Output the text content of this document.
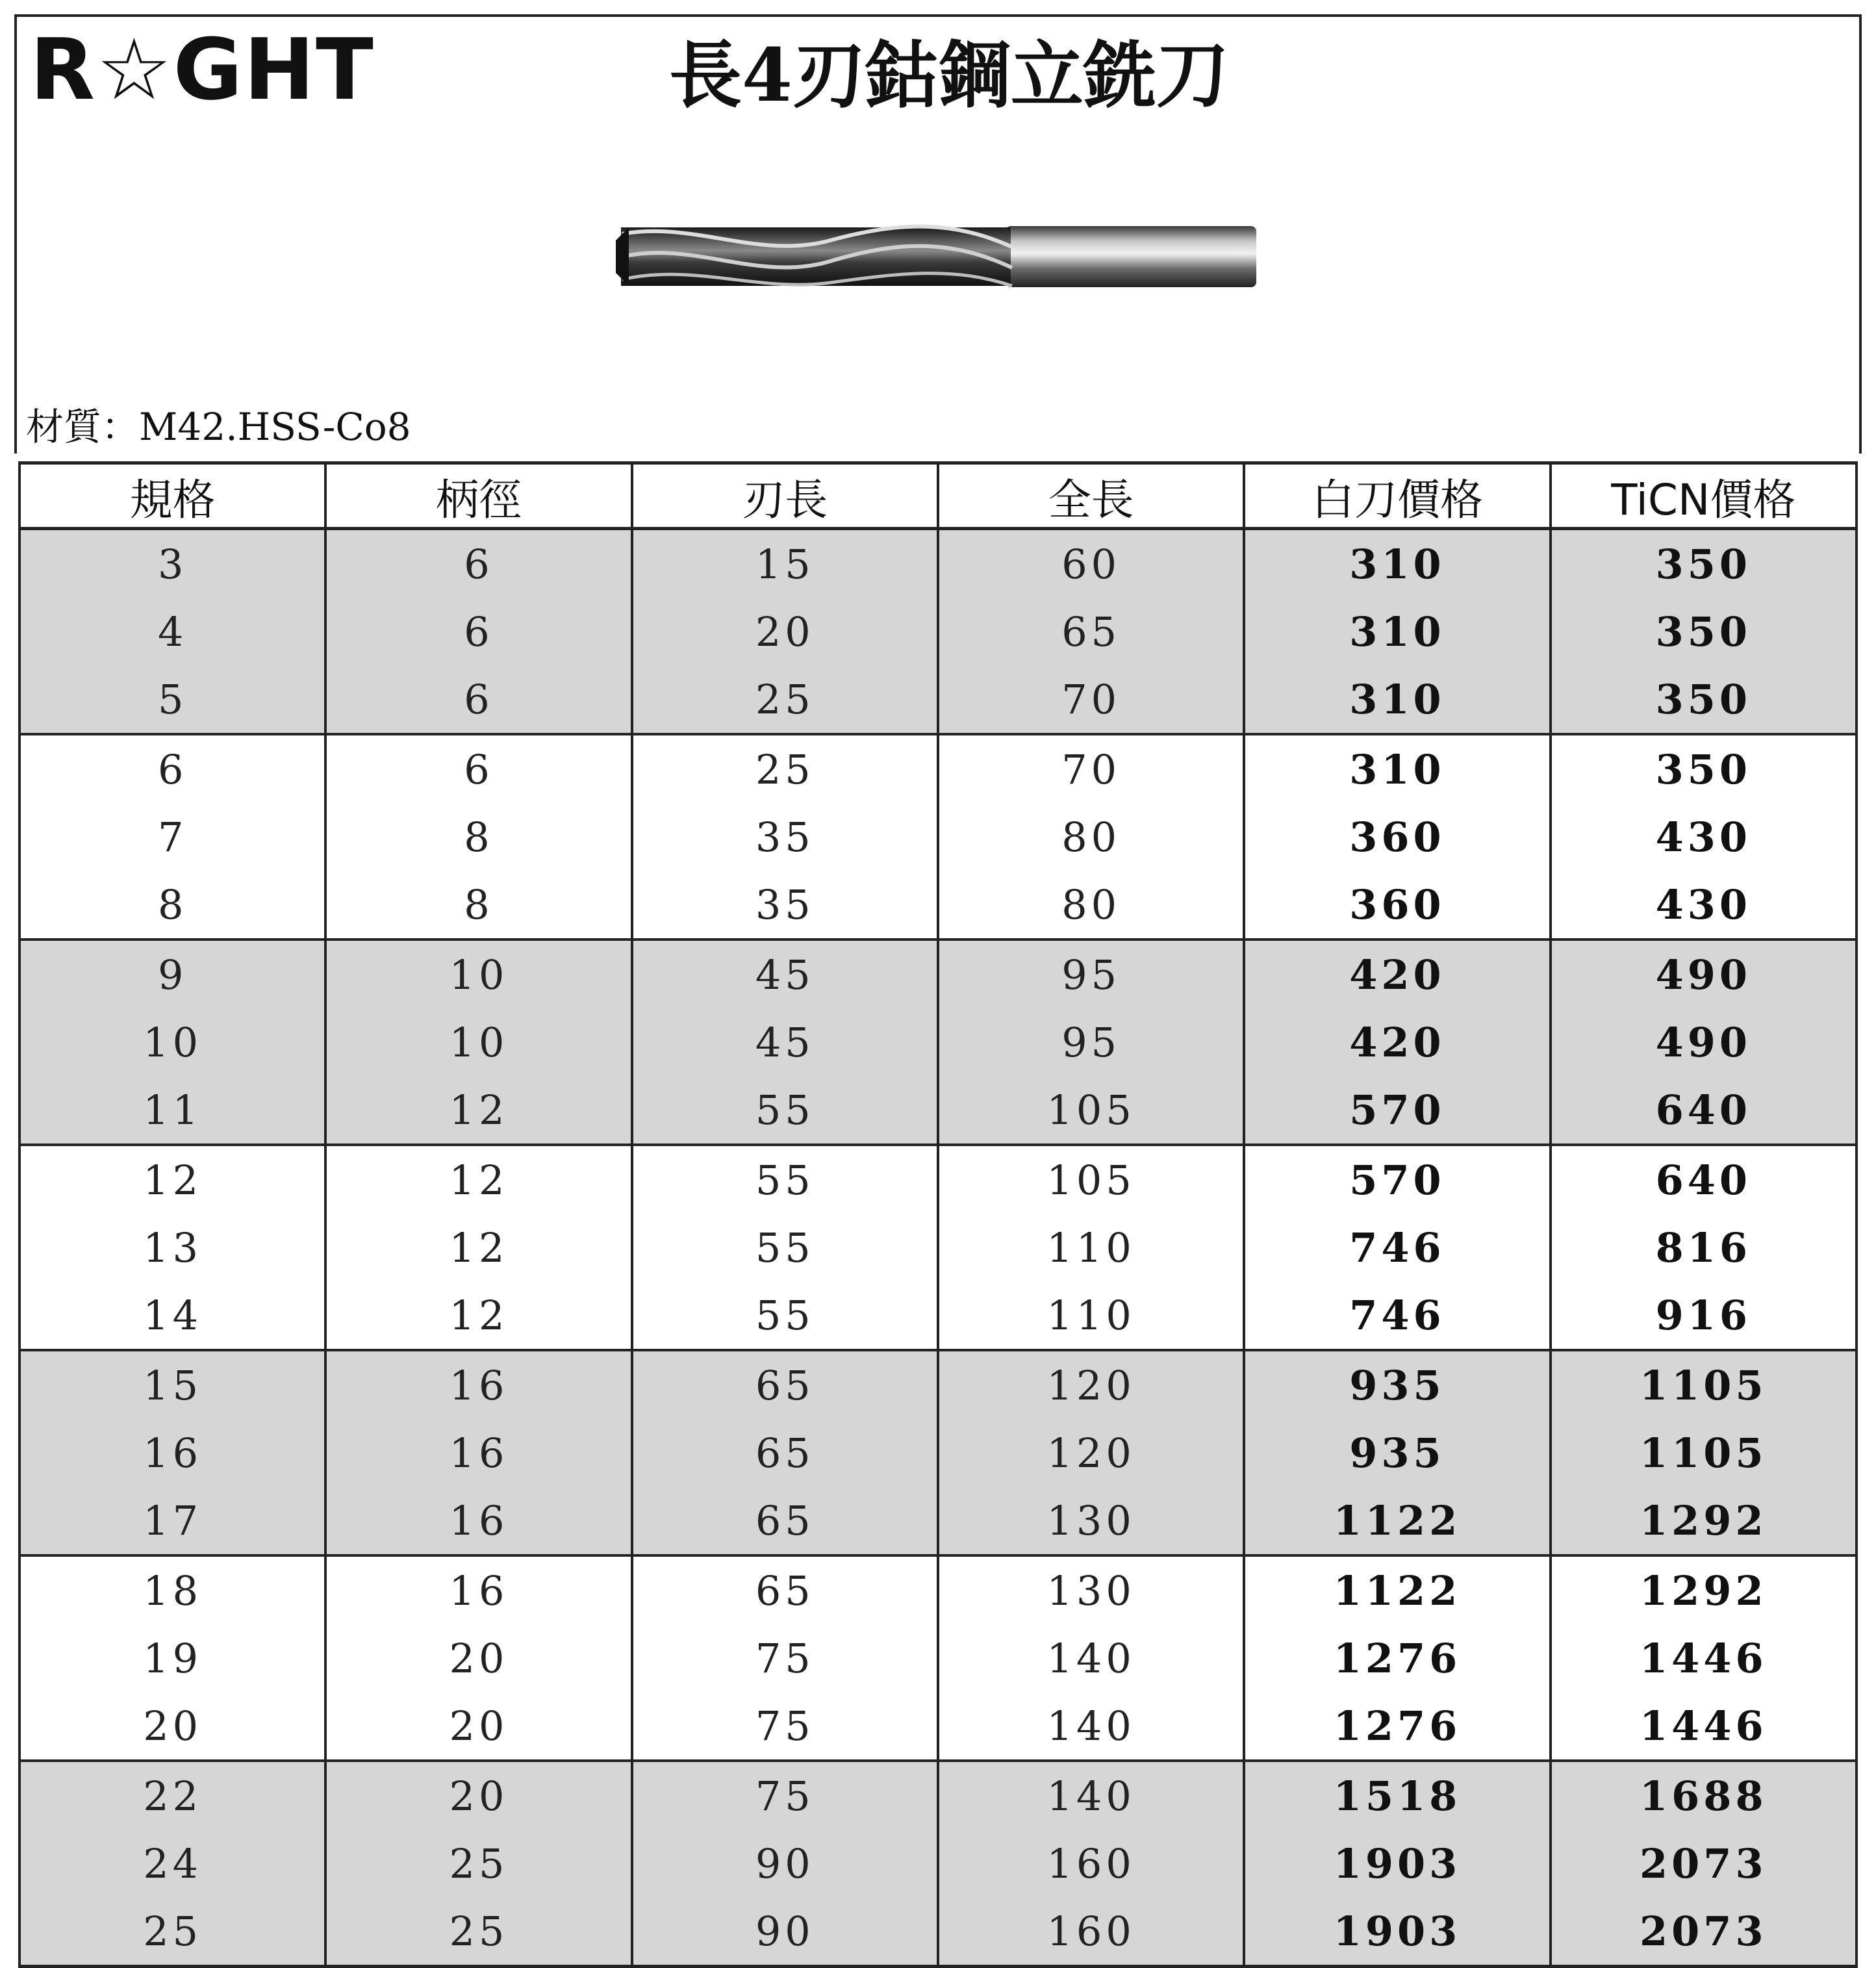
R☆GHT	長4刃鈷鋼立銑刀
材質：M42.HSS-Co8
規格	柄徑	刃長	全長	白刀價格	TiCN價格
3	6	15	60	310	350
4	6	20	65	310	350
5	6	25	70	310	350
6	6	25	70	310	350
7	8	35	80	360	430
8	8	35	80	360	430
9	10	45	95	420	490
10	10	45	95	420	490
11	12	55	105	570	640
12	12	55	105	570	640
13	12	55	110	746	816
14	12	55	110	746	916
15	16	65	120	935	1105
16	16	65	120	935	1105
17	16	65	130	1122	1292
18	16	65	130	1122	1292
19	20	75	140	1276	1446
20	20	75	140	1276	1446
22	20	75	140	1518	1688
24	25	90	160	1903	2073
25	25	90	160	1903	2073
